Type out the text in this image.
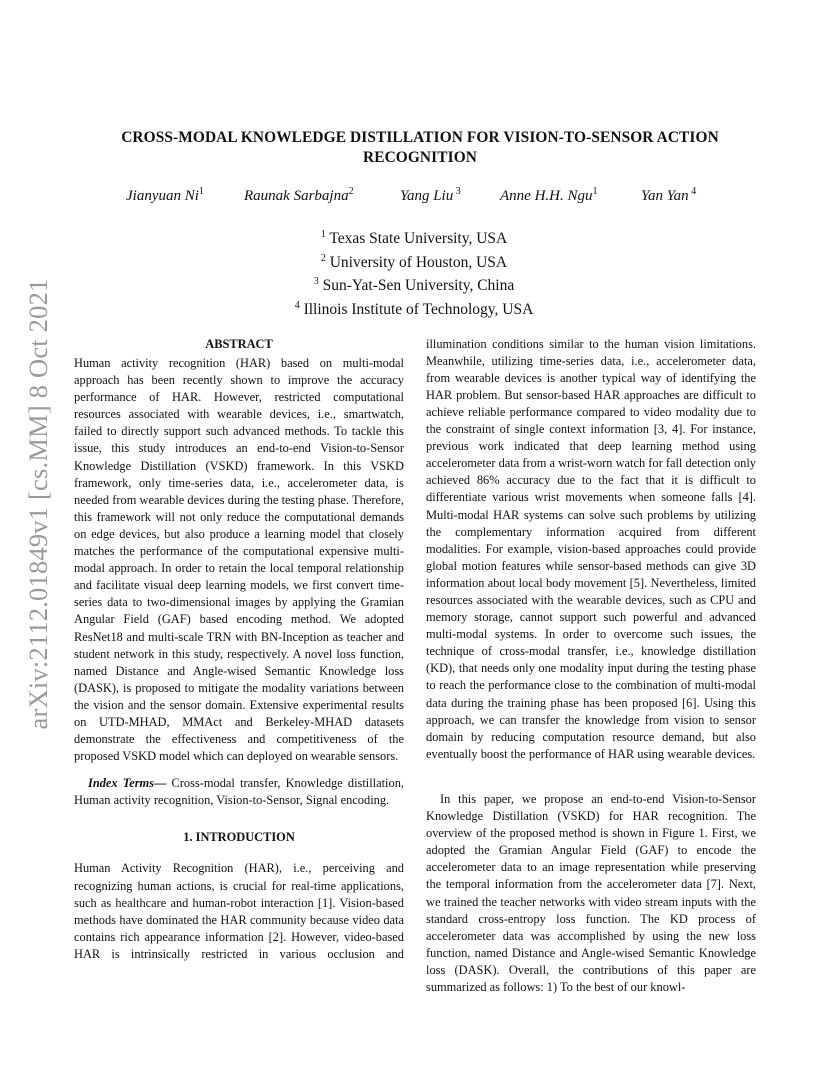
arXiv:2112.01849v1 [cs.MM] 8 Oct 2021
CROSS-MODAL KNOWLEDGE DISTILLATION FOR VISION-TO-SENSOR ACTION RECOGNITION
Jianyuan Ni$^1$	Raunak Sarbajna$^2$	Yang Liu $^3$	Anne H.H. Ngu$^1$	Yan Yan $^4$
$^1$ Texas State University, USA
$^2$ University of Houston, USA
$^3$ Sun-Yat-Sen University, China
$^4$ Illinois Institute of Technology, USA
ABSTRACT

Human activity recognition (HAR) based on multi-modal approach has been recently shown to improve the accuracy performance of HAR. However, restricted computational resources associated with wearable devices, i.e., smartwatch, failed to directly support such advanced methods. To tackle this issue, this study introduces an end-to-end Vision-to-Sensor Knowledge Distillation (VSKD) framework. In this VSKD framework, only time-series data, i.e., accelerometer data, is needed from wearable devices during the testing phase. Therefore, this framework will not only reduce the computational demands on edge devices, but also produce a learning model that closely matches the performance of the computational expensive multi-modal approach. In order to retain the local temporal relationship and facilitate visual deep learning models, we first convert time-series data to two-dimensional images by applying the Gramian Angular Field (GAF) based encoding method. We adopted ResNet18 and multi-scale TRN with BN-Inception as teacher and student network in this study, respectively. A novel loss function, named Distance and Angle-wised Semantic Knowledge loss (DASK), is proposed to mitigate the modality variations between the vision and the sensor domain. Extensive experimental results on UTD-MHAD, MMAct and Berkeley-MHAD datasets demonstrate the effectiveness and competitiveness of the proposed VSKD model which can deployed on wearable sensors.

Index Terms— Cross-modal transfer, Knowledge distillation, Human activity recognition, Vision-to-Sensor, Signal encoding.

1. INTRODUCTION

Human Activity Recognition (HAR), i.e., perceiving and recognizing human actions, is crucial for real-time applications, such as healthcare and human-robot interaction [1]. Vision-based methods have dominated the HAR community because video data contains rich appearance information [2]. However, video-based HAR is intrinsically restricted in various occlusion and

illumination conditions similar to the human vision limitations. Meanwhile, utilizing time-series data, i.e., accelerometer data, from wearable devices is another typical way of identifying the HAR problem. But sensor-based HAR approaches are difficult to achieve reliable performance compared to video modality due to the constraint of single context information [3, 4]. For instance, previous work indicated that deep learning method using accelerometer data from a wrist-worn watch for fall detection only achieved 86% accuracy due to the fact that it is difficult to differentiate various wrist movements when someone falls [4]. Multi-modal HAR systems can solve such problems by utilizing the complementary information acquired from different modalities. For example, vision-based approaches could provide global motion features while sensor-based methods can give 3D information about local body movement [5]. Nevertheless, limited resources associated with the wearable devices, such as CPU and memory storage, cannot support such powerful and advanced multi-modal systems. In order to overcome such issues, the technique of cross-modal transfer, i.e., knowledge distillation (KD), that needs only one modality input during the testing phase to reach the performance close to the combination of multi-modal data during the training phase has been proposed [6]. Using this approach, we can transfer the knowledge from vision to sensor domain by reducing computation resource demand, but also eventually boost the performance of HAR using wearable devices.

In this paper, we propose an end-to-end Vision-to-Sensor Knowledge Distillation (VSKD) for HAR recognition. The overview of the proposed method is shown in Figure 1. First, we adopted the Gramian Angular Field (GAF) to encode the accelerometer data to an image representation while preserving the temporal information from the accelerometer data [7]. Next, we trained the teacher networks with video stream inputs with the standard cross-entropy loss function. The KD process of accelerometer data was accomplished by using the new loss function, named Distance and Angle-wised Semantic Knowledge loss (DASK). Overall, the contributions of this paper are summarized as follows: 1) To the best of our knowl-
